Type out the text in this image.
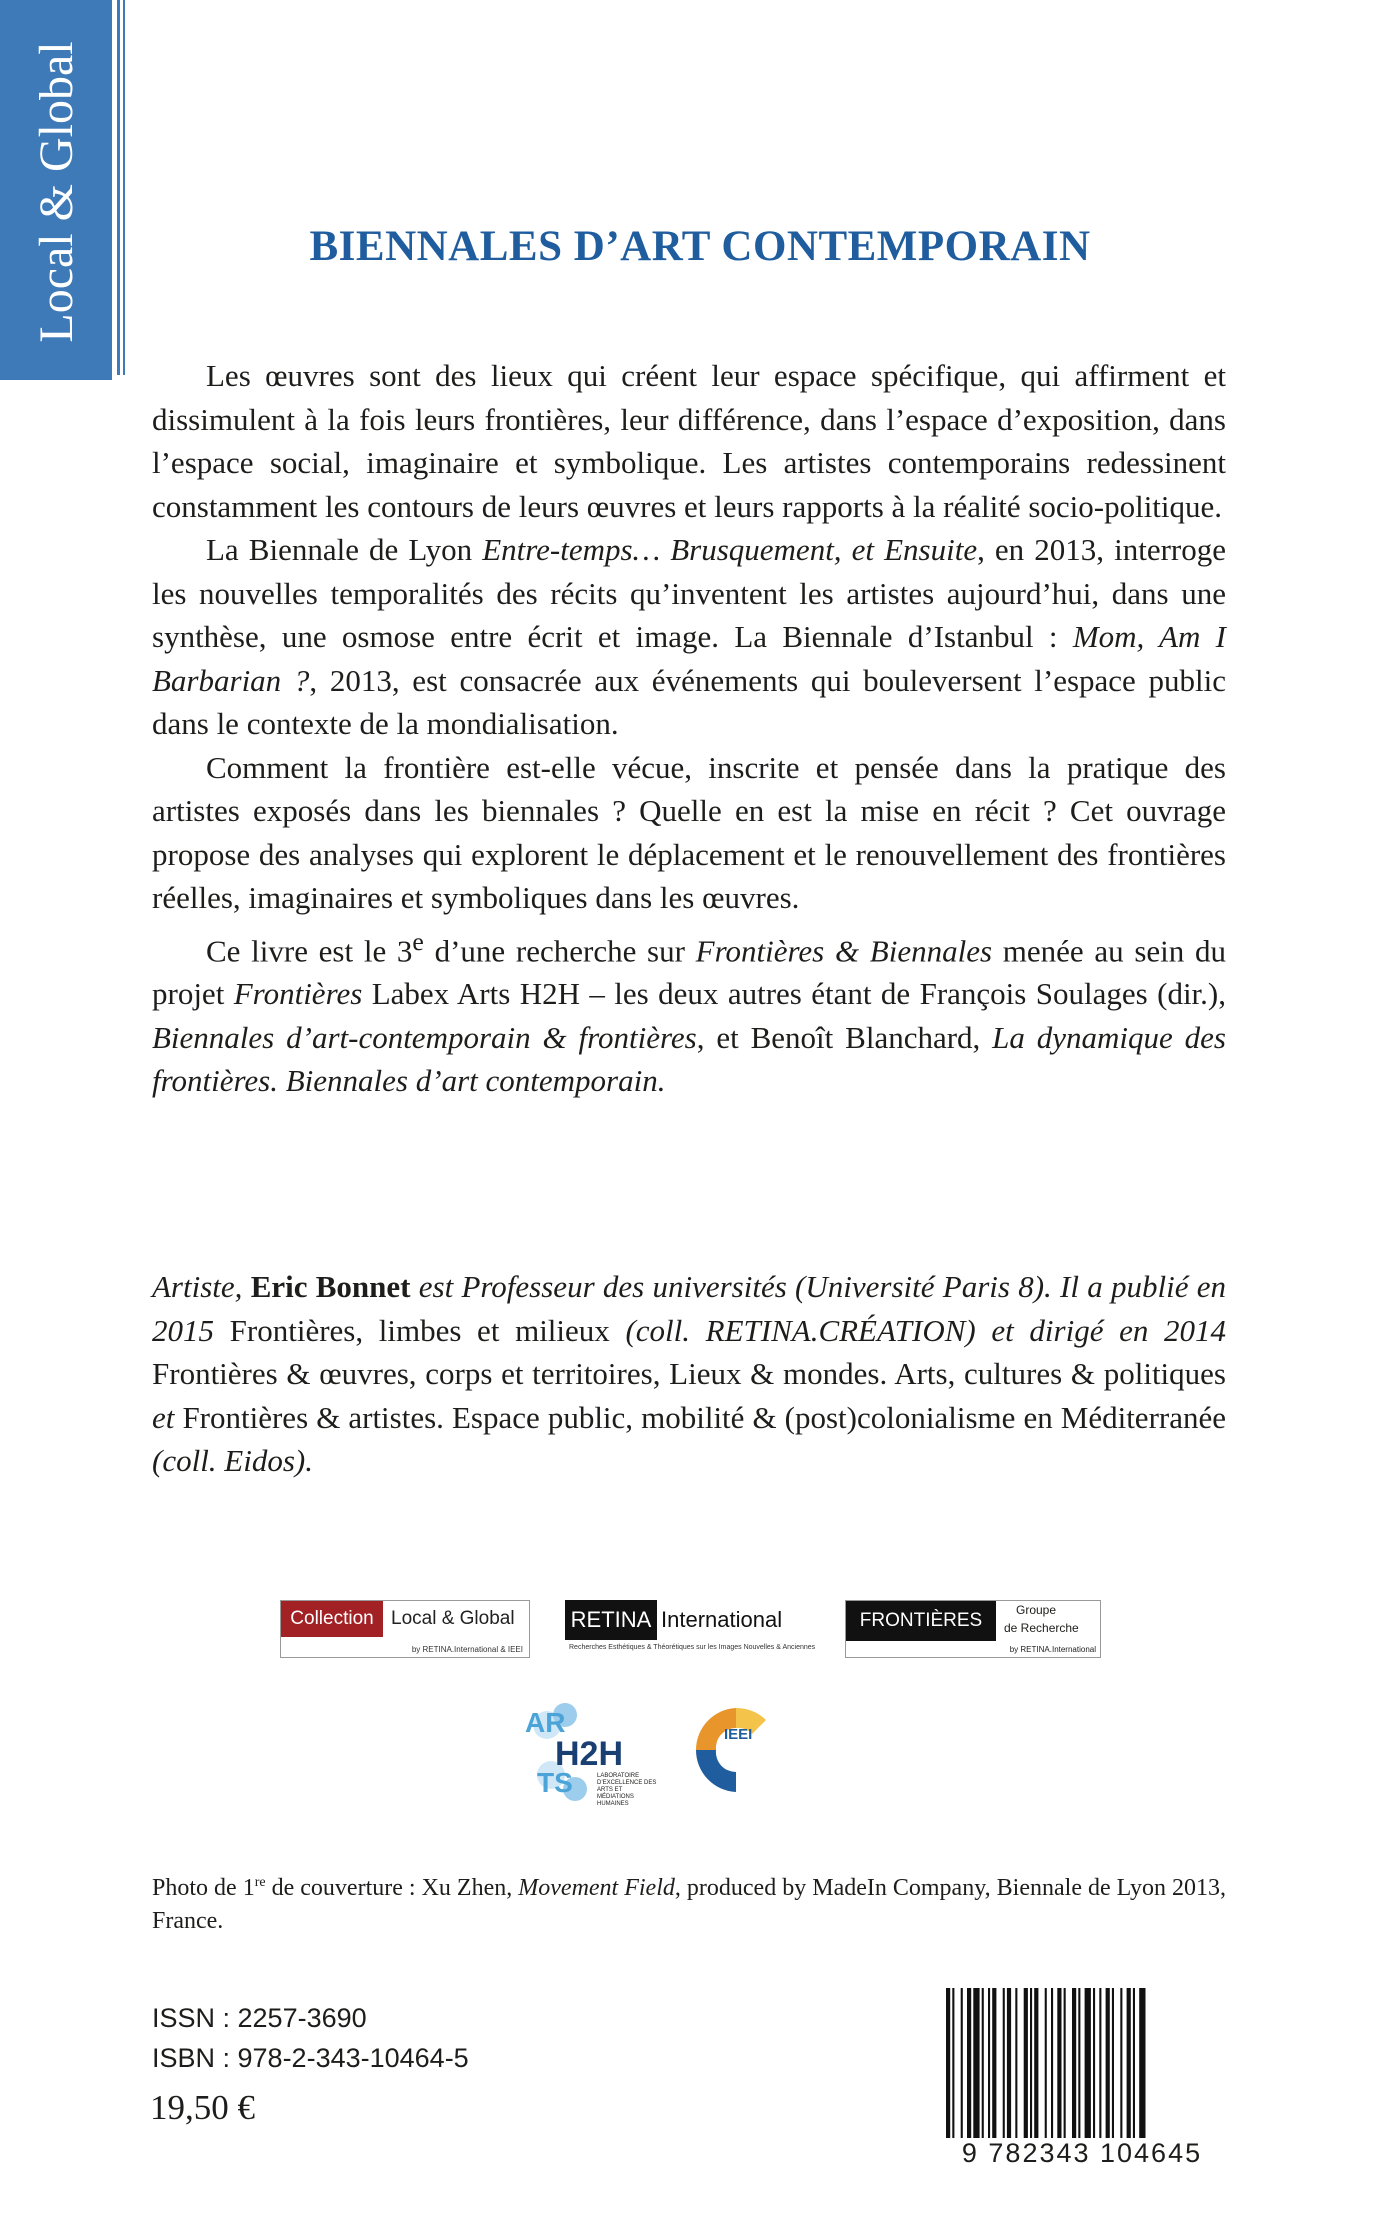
Local & Global	BIENNALES D’ART CONTEMPORAIN

Les œuvres sont des lieux qui créent leur espace spécifique, qui affirment et dissimulent à la fois leurs frontières, leur différence, dans l’espace d’exposition, dans l’espace social, imaginaire et symbolique. Les artistes contemporains redessinent constamment les contours de leurs œuvres et leurs rapports à la réalité socio-politique.

La Biennale de Lyon Entre-temps… Brusquement, et Ensuite, en 2013, interroge les nouvelles temporalités des récits qu’inventent les artistes aujourd’hui, dans une synthèse, une osmose entre écrit et image. La Biennale d’Istanbul : Mom, Am I Barbarian ?, 2013, est consacrée aux événements qui bouleversent l’espace public dans le contexte de la mondialisation.

Comment la frontière est-elle vécue, inscrite et pensée dans la pratique des artistes exposés dans les biennales ? Quelle en est la mise en récit ? Cet ouvrage propose des analyses qui explorent le déplacement et le renouvellement des frontières réelles, imaginaires et symboliques dans les œuvres.

Ce livre est le 3e d’une recherche sur Frontières & Biennales menée au sein du projet Frontières Labex Arts H2H – les deux autres étant de François Soulages (dir.), Biennales d’art-contemporain & frontières, et Benoît Blanchard, La dynamique des frontières. Biennales d’art contemporain.

Artiste, Eric Bonnet est Professeur des universités (Université Paris 8). Il a publié en 2015 Frontières, limbes et milieux (coll. RETINA.CRÉATION) et dirigé en 2014 Frontières & œuvres, corps et territoires, Lieux & mondes. Arts, cultures & politiques et Frontières & artistes. Espace public, mobilité & (post)colonialisme en Méditerranée (coll. Eidos).
Collection Local & Global
by RETINA.International & IEEI
RETINA International
Recherches Esthétiques & Théorétiques sur les Images Nouvelles & Anciennes
FRONTIÈRES	Groupe
de Recherche
by RETINA.International
AR
H2H
TS	LABORATOIRE D’EXCELLENCE DES ARTS ET MÉDIATIONS HUMAINES
IEEI
Photo de 1re de couverture : Xu Zhen, Movement Field, produced by MadeIn Company, Biennale de Lyon 2013, France.
ISSN : 2257-3690
ISBN : 978-2-343-10464-5
19,50 €
9 782343 104645
